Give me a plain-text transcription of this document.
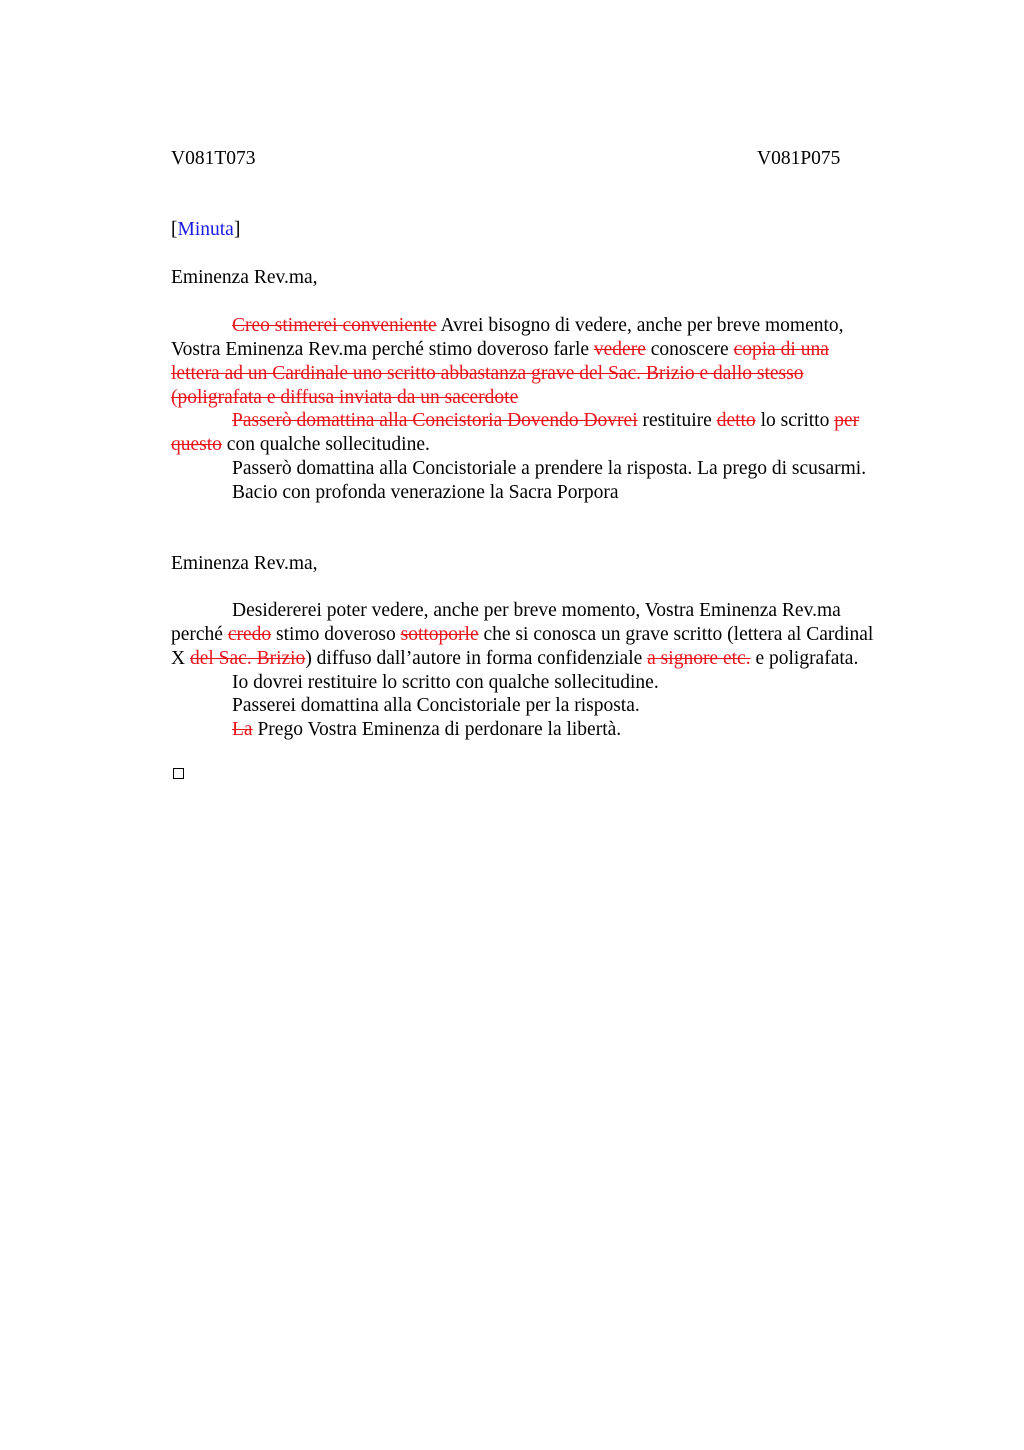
V081T073	V081P075
[Minuta]
Eminenza Rev.ma,
Creo stimerei conveniente Avrei bisogno di vedere, anche per breve momento,
Vostra Eminenza Rev.ma perché stimo doveroso farle vedere conoscere copia di una
lettera ad un Cardinale uno scritto abbastanza grave del Sac. Brizio e dallo stesso
(poligrafata e diffusa inviata da un sacerdote
Passerò domattina alla Concistoria Dovendo Dovrei restituire detto lo scritto per
questo con qualche sollecitudine.
Passerò domattina alla Concistoriale a prendere la risposta. La prego di scusarmi.
Bacio con profonda venerazione la Sacra Porpora
Eminenza Rev.ma,
Desidererei poter vedere, anche per breve momento, Vostra Eminenza Rev.ma
perché credo stimo doveroso sottoporle che si conosca un grave scritto (lettera al Cardinal
X del Sac. Brizio) diffuso dall’autore in forma confidenziale a signore etc. e poligrafata.
Io dovrei restituire lo scritto con qualche sollecitudine.
Passerei domattina alla Concistoriale per la risposta.
La Prego Vostra Eminenza di perdonare la libertà.
